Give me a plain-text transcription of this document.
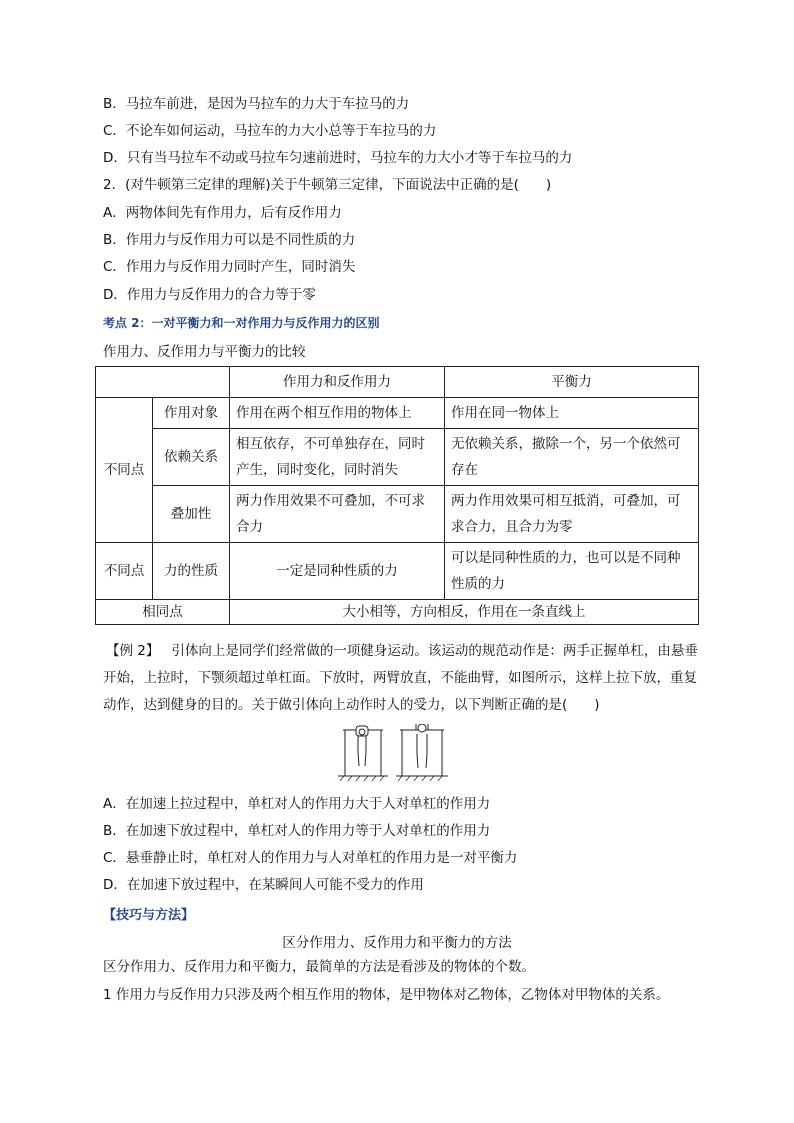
B．马拉车前进，是因为马拉车的力大于车拉马的力
C．不论车如何运动，马拉车的力大小总等于车拉马的力
D．只有当马拉车不动或马拉车匀速前进时，马拉车的力大小才等于车拉马的力
2．(对牛顿第三定律的理解)关于牛顿第三定律，下面说法中正确的是(　　)
A．两物体间先有作用力，后有反作用力
B．作用力与反作用力可以是不同性质的力
C．作用力与反作用力同时产生，同时消失
D．作用力与反作用力的合力等于零
考点 2：一对平衡力和一对作用力与反作用力的区别
作用力、反作用力与平衡力的比较
		作用力和反作用力	平衡力
不同点	作用对象	作用在两个相互作用的物体上	作用在同一物体上
	依赖关系	相互依存，不可单独存在，同时产生，同时变化，同时消失	无依赖关系，撤除一个，另一个依然可存在
	叠加性	两力作用效果不可叠加，不可求合力	两力作用效果可相互抵消，可叠加，可求合力，且合力为零
不同点	力的性质	一定是同种性质的力	可以是同种性质的力，也可以是不同种性质的力
相同点		大小相等，方向相反，作用在一条直线上	
【例 2】 引体向上是同学们经常做的一项健身运动。该运动的规范动作是：两手正握单杠，由悬垂开始，上拉时，下颚须超过单杠面。下放时，两臂放直，不能曲臂，如图所示，这样上拉下放，重复动作，达到健身的目的。关于做引体向上动作时人的受力，以下判断正确的是(　　)
A．在加速上拉过程中，单杠对人的作用力大于人对单杠的作用力
B．在加速下放过程中，单杠对人的作用力等于人对单杠的作用力
C．悬垂静止时，单杠对人的作用力与人对单杠的作用力是一对平衡力
D．在加速下放过程中，在某瞬间人可能不受力的作用
【技巧与方法】
区分作用力、反作用力和平衡力的方法
区分作用力、反作用力和平衡力，最简单的方法是看涉及的物体的个数。
1 作用力与反作用力只涉及两个相互作用的物体，是甲物体对乙物体，乙物体对甲物体的关系。
